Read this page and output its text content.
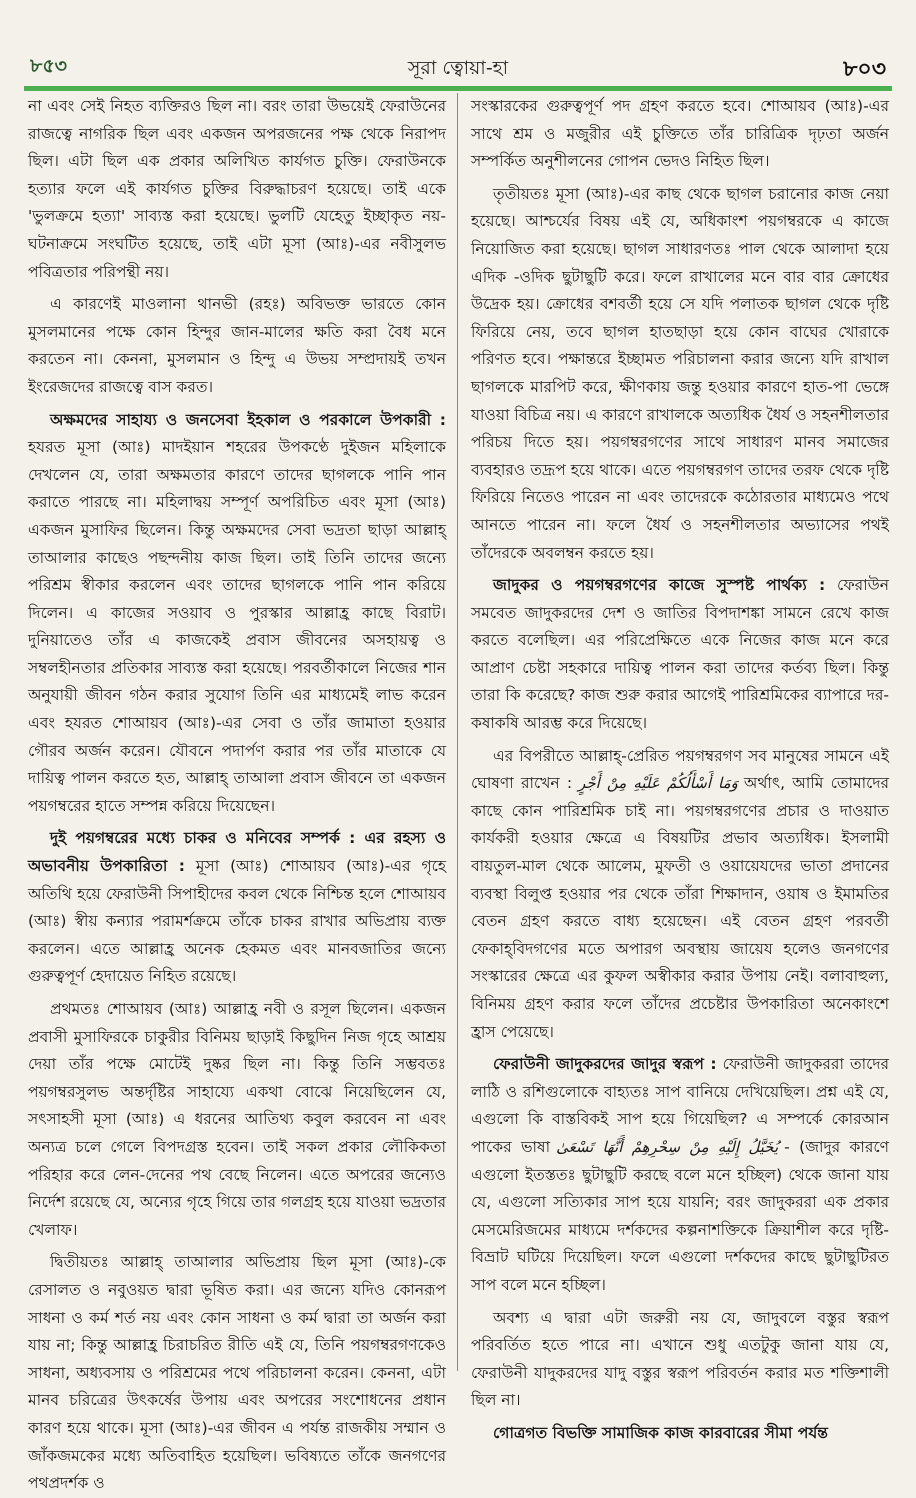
৮৫৩	সূরা ত্বোয়া-হা	৮০৩

না এবং সেই নিহত ব্যক্তিরও ছিল না। বরং তারা উভয়েই ফেরাউনের রাজত্বে নাগরিক ছিল এবং একজন অপরজনের পক্ষ থেকে নিরাপদ ছিল। এটা ছিল এক প্রকার অলিখিত কার্যগত চুক্তি। ফেরাউনকে হত্যার ফলে এই কার্যগত চুক্তির বিরুদ্ধাচরণ হয়েছে। তাই একে 'ভুলক্রমে হত্যা' সাব্যস্ত করা হয়েছে। ভুলটি যেহেতু ইচ্ছাকৃত নয়- ঘটনাক্রমে সংঘটিত হয়েছে, তাই এটা মূসা (আঃ)-এর নবীসুলভ পবিত্রতার পরিপন্থী নয়।

এ কারণেই মাওলানা থানভী (রহঃ) অবিভক্ত ভারতে কোন মুসলমানের পক্ষে কোন হিন্দুর জান-মালের ক্ষতি করা বৈধ মনে করতেন না। কেননা, মুসলমান ও হিন্দু এ উভয় সম্প্রদায়ই তখন ইংরেজদের রাজত্বে বাস করত।

অক্ষমদের সাহায্য ও জনসেবা ইহকাল ও পরকালে উপকারী : হযরত মূসা (আঃ) মাদইয়ান শহরের উপকণ্ঠে দুইজন মহিলাকে দেখলেন যে, তারা অক্ষমতার কারণে তাদের ছাগলকে পানি পান করাতে পারছে না। মহিলাদ্বয় সম্পূর্ণ অপরিচিত এবং মূসা (আঃ) একজন মুসাফির ছিলেন। কিন্তু অক্ষমদের সেবা ভদ্রতা ছাড়া আল্লাহ্ তাআলার কাছেও পছন্দনীয় কাজ ছিল। তাই তিনি তাদের জন্যে পরিশ্রম স্বীকার করলেন এবং তাদের ছাগলকে পানি পান করিয়ে দিলেন। এ কাজের সওয়াব ও পুরস্কার আল্লাহ্র কাছে বিরাট। দুনিয়াতেও তাঁর এ কাজকেই প্রবাস জীবনের অসহায়ত্ব ও সম্বলহীনতার প্রতিকার সাব্যস্ত করা হয়েছে। পরবর্তীকালে নিজের শান অনুযায়ী জীবন গঠন করার সুযোগ তিনি এর মাধ্যমেই লাভ করেন এবং হযরত শোআয়ব (আঃ)-এর সেবা ও তাঁর জামাতা হওয়ার গৌরব অর্জন করেন। যৌবনে পদার্পণ করার পর তাঁর মাতাকে যে দায়িত্ব পালন করতে হত, আল্লাহ্ তাআলা প্রবাস জীবনে তা একজন পয়গম্বরের হাতে সম্পন্ন করিয়ে দিয়েছেন।

দুই পয়গম্বরের মধ্যে চাকর ও মনিবের সম্পর্ক : এর রহস্য ও অভাবনীয় উপকারিতা : মূসা (আঃ) শোআয়ব (আঃ)-এর গৃহে অতিথি হয়ে ফেরাউনী সিপাহীদের কবল থেকে নিশ্চিন্ত হলে শোআয়ব (আঃ) স্বীয় কন্যার পরামর্শক্রমে তাঁকে চাকর রাখার অভিপ্রায় ব্যক্ত করলেন। এতে আল্লাহ্র অনেক হেকমত এবং মানবজাতির জন্যে গুরুত্বপূর্ণ হেদায়েত নিহিত রয়েছে।

প্রথমতঃ শোআয়ব (আঃ) আল্লাহ্র নবী ও রসূল ছিলেন। একজন প্রবাসী মুসাফিরকে চাকুরীর বিনিময় ছাড়াই কিছুদিন নিজ গৃহে আশ্রয় দেয়া তাঁর পক্ষে মোটেই দুষ্কর ছিল না। কিন্তু তিনি সম্ভবতঃ পয়গম্বরসুলভ অন্তর্দৃষ্টির সাহায্যে একথা বোঝে নিয়েছিলেন যে, সৎসাহসী মূসা (আঃ) এ ধরনের আতিথ্য কবুল করবেন না এবং অন্যত্র চলে গেলে বিপদগ্রস্ত হবেন। তাই সকল প্রকার লৌকিকতা পরিহার করে লেন-দেনের পথ বেছে নিলেন। এতে অপরের জন্যেও নির্দেশ রয়েছে যে, অন্যের গৃহে গিয়ে তার গলগ্রহ হয়ে যাওয়া ভদ্রতার খেলাফ।

দ্বিতীয়তঃ আল্লাহ্ তাআলার অভিপ্রায় ছিল মূসা (আঃ)-কে রেসালত ও নবুওয়ত দ্বারা ভূষিত করা। এর জন্যে যদিও কোনরূপ সাধনা ও কর্ম শর্ত নয় এবং কোন সাধনা ও কর্ম দ্বারা তা অর্জন করা যায় না; কিন্তু আল্লাহ্র চিরাচরিত রীতি এই যে, তিনি পয়গম্বরগণকেও সাধনা, অধ্যবসায় ও পরিশ্রমের পথে পরিচালনা করেন। কেননা, এটা মানব চরিত্রের উৎকর্ষের উপায় এবং অপরের সংশোধনের প্রধান কারণ হয়ে থাকে। মূসা (আঃ)-এর জীবন এ পর্যন্ত রাজকীয় সম্মান ও জাঁকজমকের মধ্যে অতিবাহিত হয়েছিল। ভবিষ্যতে তাঁকে জনগণের পথপ্রদর্শক ও

সংস্কারকের গুরুত্বপূর্ণ পদ গ্রহণ করতে হবে। শোআয়ব (আঃ)-এর সাথে শ্রম ও মজুরীর এই চুক্তিতে তাঁর চারিত্রিক দৃঢ়তা অর্জন সম্পর্কিত অনুশীলনের গোপন ভেদও নিহিত ছিল।

তৃতীয়তঃ মূসা (আঃ)-এর কাছ থেকে ছাগল চরানোর কাজ নেয়া হয়েছে। আশ্চর্যের বিষয় এই যে, অধিকাংশ পয়গম্বরকে এ কাজে নিয়োজিত করা হয়েছে। ছাগল সাধারণতঃ পাল থেকে আলাদা হয়ে এদিক -ওদিক ছুটাছুটি করে। ফলে রাখালের মনে বার বার ক্রোধের উদ্রেক হয়। ক্রোধের বশবর্তী হয়ে সে যদি পলাতক ছাগল থেকে দৃষ্টি ফিরিয়ে নেয়, তবে ছাগল হাতছাড়া হয়ে কোন বাঘের খোরাকে পরিণত হবে। পক্ষান্তরে ইচ্ছামত পরিচালনা করার জন্যে যদি রাখাল ছাগলকে মারপিট করে, ক্ষীণকায় জন্তু হওয়ার কারণে হাত-পা ভেঙ্গে যাওয়া বিচিত্র নয়। এ কারণে রাখালকে অত্যধিক ধৈর্য ও সহনশীলতার পরিচয় দিতে হয়। পয়গম্বরগণের সাথে সাধারণ মানব সমাজের ব্যবহারও তদ্রূপ হয়ে থাকে। এতে পয়গম্বরগণ তাদের তরফ থেকে দৃষ্টি ফিরিয়ে নিতেও পারেন না এবং তাদেরকে কঠোরতার মাধ্যমেও পথে আনতে পারেন না। ফলে ধৈর্য ও সহনশীলতার অভ্যাসের পথই তাঁদেরকে অবলম্বন করতে হয়।

জাদুকর ও পয়গম্বরগণের কাজে সুস্পষ্ট পার্থক্য : ফেরাউন সমবেত জাদুকরদের দেশ ও জাতির বিপদাশঙ্কা সামনে রেখে কাজ করতে বলেছিল। এর পরিপ্রেক্ষিতে একে নিজের কাজ মনে করে আপ্রাণ চেষ্টা সহকারে দায়িত্ব পালন করা তাদের কর্তব্য ছিল। কিন্তু তারা কি করেছে? কাজ শুরু করার আগেই পারিশ্রমিকের ব্যাপারে দর-কষাকষি আরম্ভ করে দিয়েছে।

এর বিপরীতে আল্লাহ্-প্রেরিত পয়গম্বরগণ সব মানুষের সামনে এই ঘোষণা রাখেন : وَمَا أَسْأَلُكُمْ عَلَيْهِ مِنْ أَجْرٍ অর্থাৎ, আমি তোমাদের কাছে কোন পারিশ্রমিক চাই না। পয়গম্বরগণের প্রচার ও দাওয়াত কার্যকরী হওয়ার ক্ষেত্রে এ বিষয়টির প্রভাব অত্যধিক। ইসলামী বায়তুল-মাল থেকে আলেম, মুফতী ও ওয়ায়েযদের ভাতা প্রদানের ব্যবস্থা বিলুপ্ত হওয়ার পর থেকে তাঁরা শিক্ষাদান, ওয়াষ ও ইমামতির বেতন গ্রহণ করতে বাধ্য হয়েছেন। এই বেতন গ্রহণ পরবর্তী ফেকাহ্‌বিদগণের মতে অপারগ অবস্থায় জায়েয হলেও জনগণের সংস্কারের ক্ষেত্রে এর কুফল অস্বীকার করার উপায় নেই। বলাবাহুল্য, বিনিময় গ্রহণ করার ফলে তাঁদের প্রচেষ্টার উপকারিতা অনেকাংশে হ্রাস পেয়েছে।

ফেরাউনী জাদুকরদের জাদুর স্বরূপ : ফেরাউনী জাদুকররা তাদের লাঠি ও রশিগুলোকে বাহ্যতঃ সাপ বানিয়ে দেখিয়েছিল। প্রশ্ন এই যে, এগুলো কি বাস্তবিকই সাপ হয়ে গিয়েছিল? এ সম্পর্কে কোরআন পাকের ভাষা يُخَيَّلُ إِلَيْهِ مِنْ سِحْرِهِمْ أَنَّهَا تَسْعَىٰ - (জাদুর কারণে এগুলো ইতস্ততঃ ছুটাছুটি করছে বলে মনে হচ্ছিল) থেকে জানা যায় যে, এগুলো সত্যিকার সাপ হয়ে যায়নি; বরং জাদুকররা এক প্রকার মেসমেরিজমের মাধ্যমে দর্শকদের কল্পনাশক্তিকে ক্রিয়াশীল করে দৃষ্টি-বিভ্রাট ঘটিয়ে দিয়েছিল। ফলে এগুলো দর্শকদের কাছে ছুটাছুটিরত সাপ বলে মনে হচ্ছিল।

অবশ্য এ দ্বারা এটা জরুরী নয় যে, জাদুবলে বস্তুর স্বরূপ পরিবর্তিত হতে পারে না। এখানে শুধু এতটুকু জানা যায় যে, ফেরাউনী যাদুকরদের যাদু বস্তুর স্বরূপ পরিবর্তন করার মত শক্তিশালী ছিল না।

গোত্রগত বিভক্তি সামাজিক কাজ কারবারের সীমা পর্যন্ত
